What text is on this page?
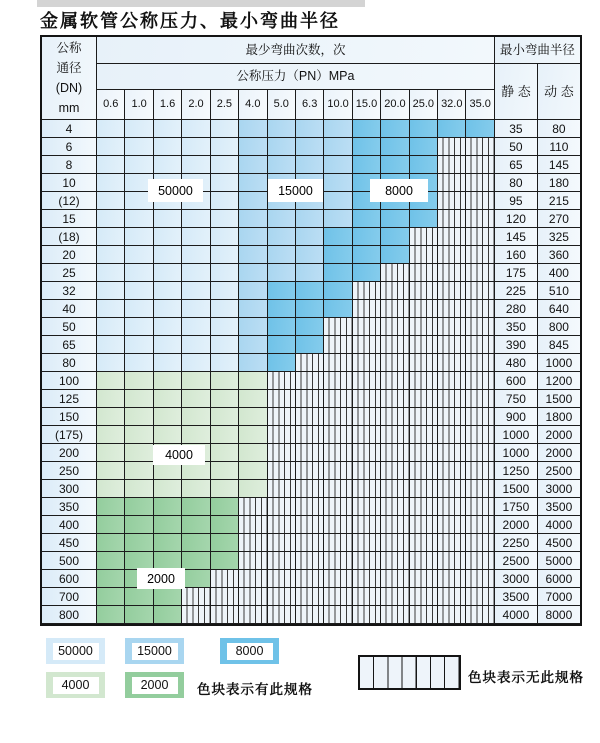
金属软管公称压力、最小弯曲半径
公称
通径
(DN)
mm
最少弯曲次数，次	最小弯曲半径
公称压力（PN）MPa
静 态	动 态
0.6	1.0	1.6	2.0	2.5	4.0	5.0	6.3 10.0 15.0 20.0 25.0 32.0 35.0
4	35	80
6	50	110
8	65	145
10	80	180
(12)	95	215
15	120	270
(18)	145	325
20	160	360
25	175	400
32	225	510
40	280	640
50	350	800
65	390	845
80	480	1000
100	600	1200
125	750	1500
150	900	1800
(175)	1000	2000
200	1000	2000
250	1250	2500
300	1500	3000
350	1750	3500
400	2000	4000
450	2250	4500
500	2500	5000
600	3000	6000
700	3500	7000
800	4000	8000
50000	15000	8000
4000
2000
色块表示有此规格
色块表示无此规格
50000	15000	8000
4000	2000
